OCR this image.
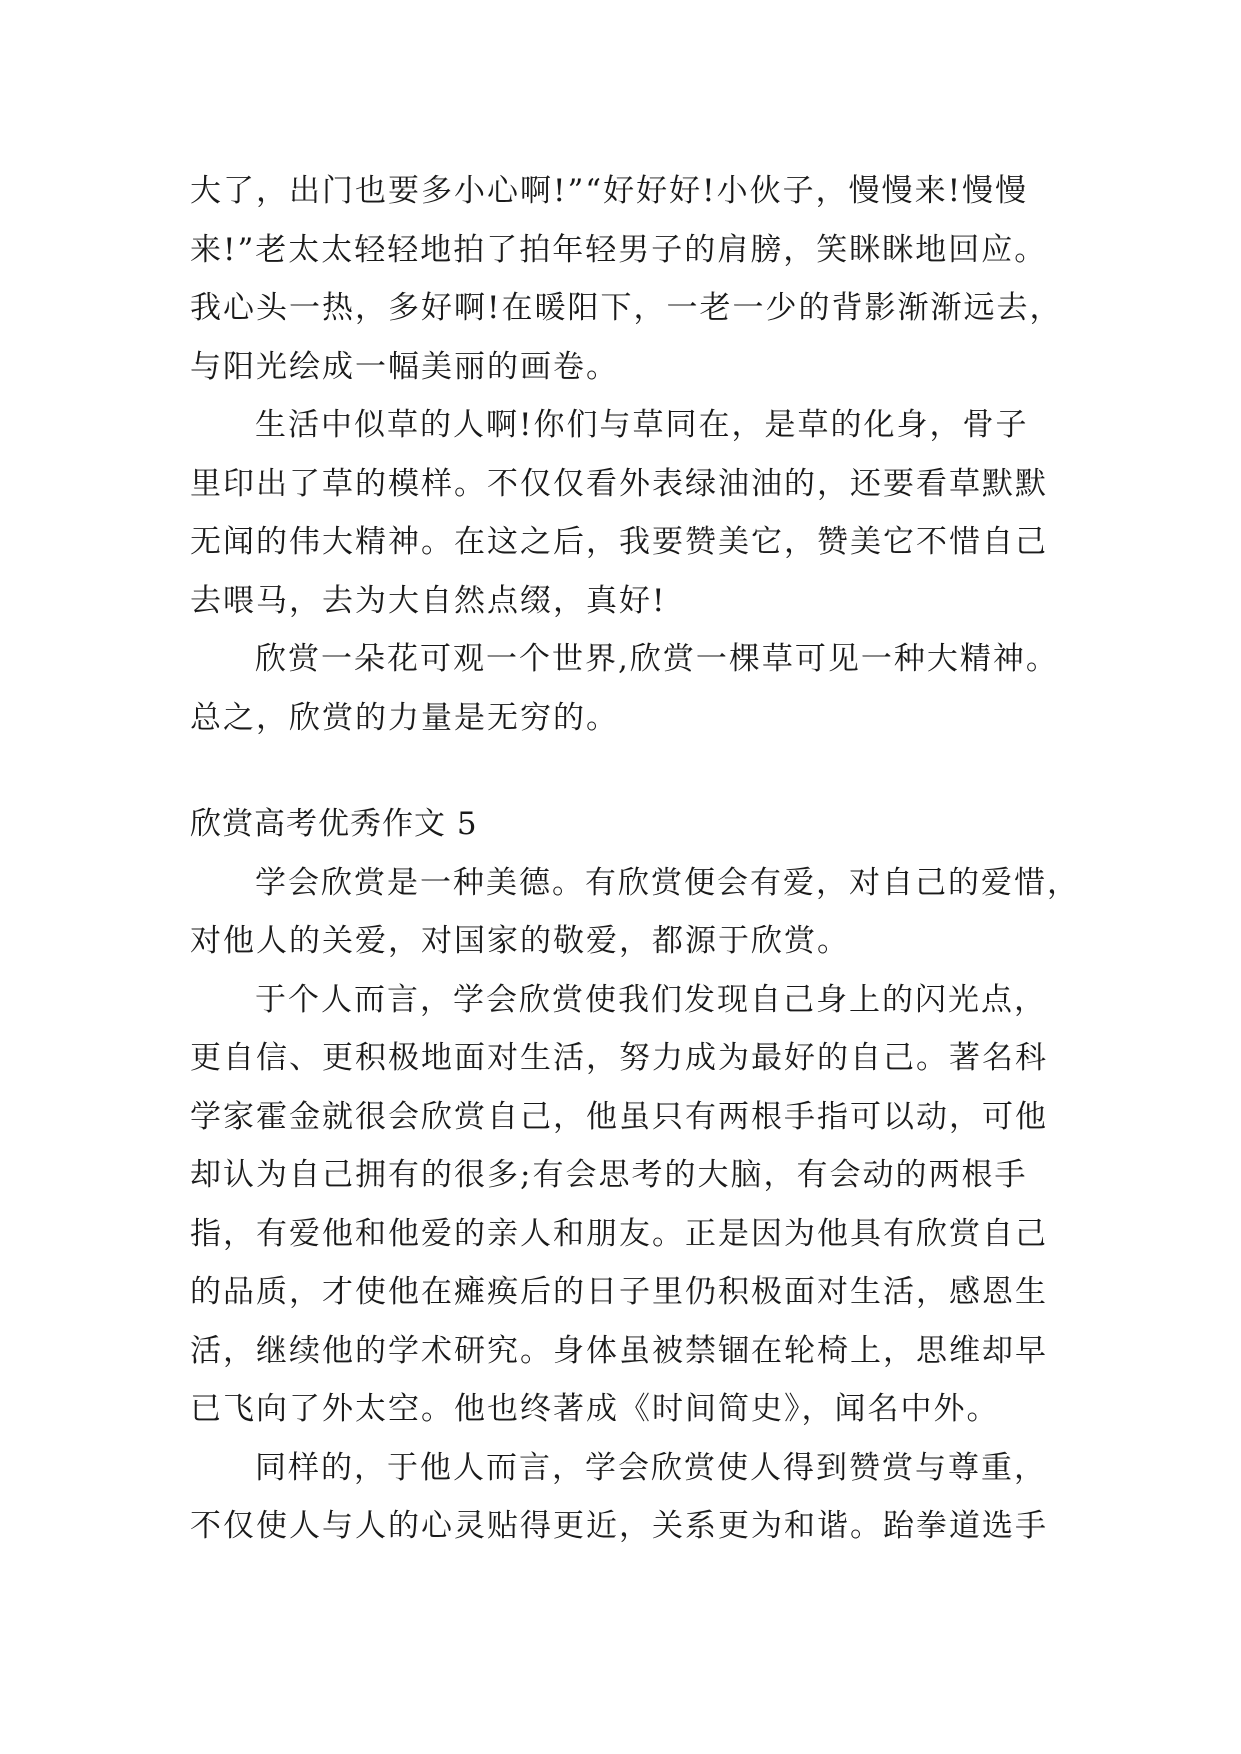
大了，出门也要多小心啊!”“好好好!小伙子，慢慢来!慢慢
来!”老太太轻轻地拍了拍年轻男子的肩膀，笑眯眯地回应。
我心头一热，多好啊!在暖阳下，一老一少的背影渐渐远去，
与阳光绘成一幅美丽的画卷。
生活中似草的人啊!你们与草同在，是草的化身，骨子
里印出了草的模样。不仅仅看外表绿油油的，还要看草默默
无闻的伟大精神。在这之后，我要赞美它，赞美它不惜自己
去喂马，去为大自然点缀，真好!
欣赏一朵花可观一个世界,欣赏一棵草可见一种大精神。
总之，欣赏的力量是无穷的。
欣赏高考优秀作文 5
学会欣赏是一种美德。有欣赏便会有爱，对自己的爱惜，
对他人的关爱，对国家的敬爱，都源于欣赏。
于个人而言，学会欣赏使我们发现自己身上的闪光点，
更自信、更积极地面对生活，努力成为最好的自己。著名科
学家霍金就很会欣赏自己，他虽只有两根手指可以动，可他
却认为自己拥有的很多;有会思考的大脑，有会动的两根手
指，有爱他和他爱的亲人和朋友。正是因为他具有欣赏自己
的品质，才使他在瘫痪后的日子里仍积极面对生活，感恩生
活，继续他的学术研究。身体虽被禁锢在轮椅上，思维却早
已飞向了外太空。他也终著成《时间简史》，闻名中外。
同样的，于他人而言，学会欣赏使人得到赞赏与尊重，
不仅使人与人的心灵贴得更近，关系更为和谐。跆拳道选手
